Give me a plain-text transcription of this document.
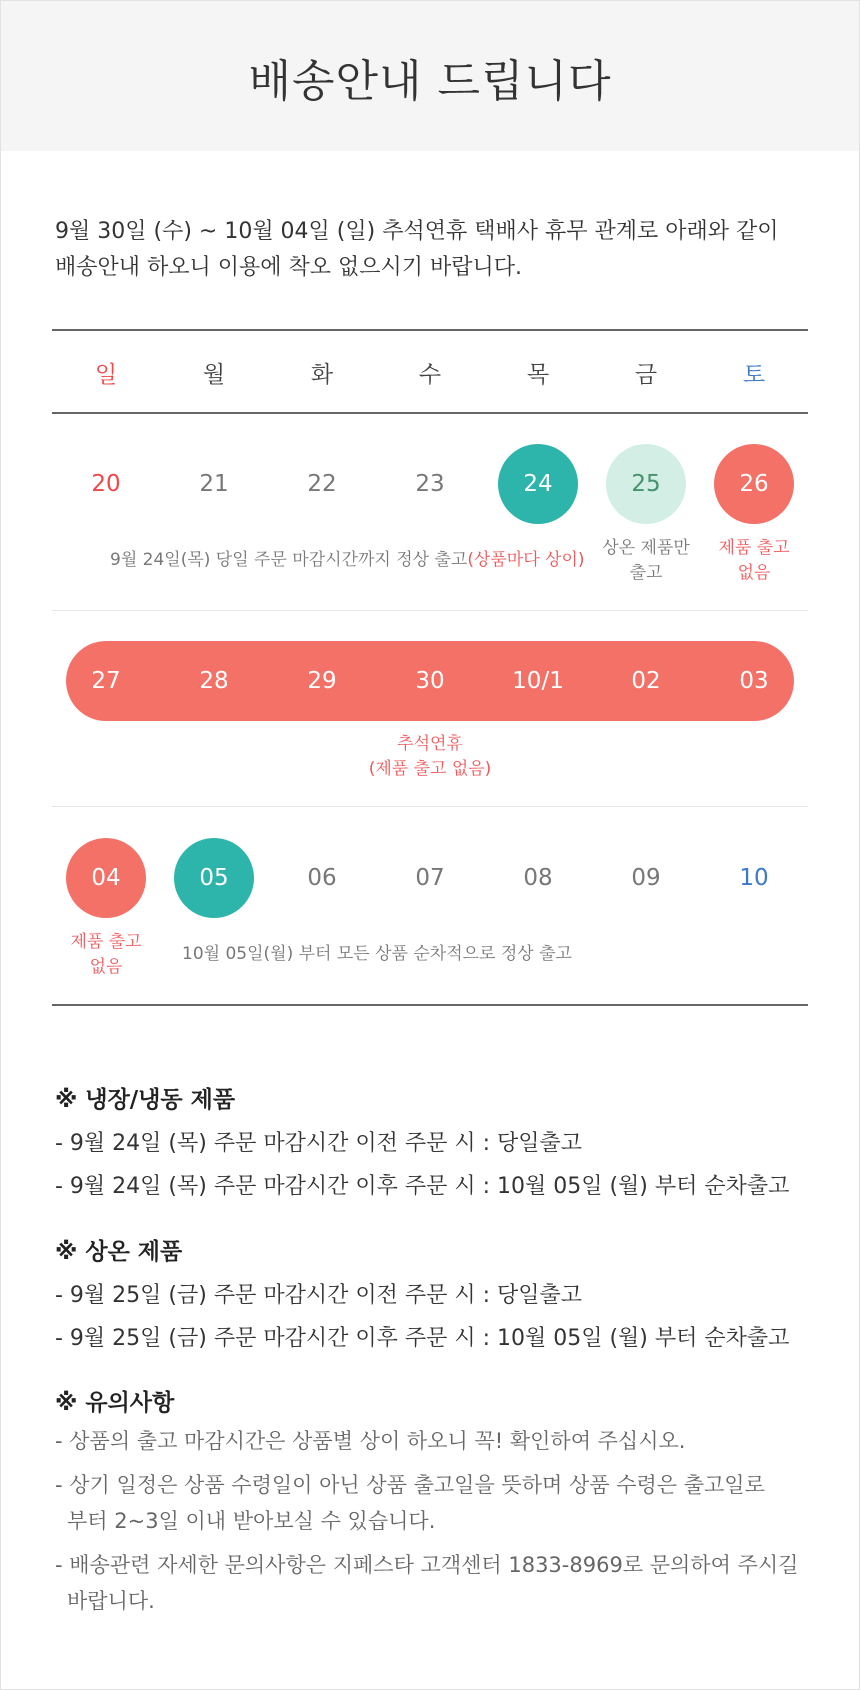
배송안내 드립니다
9월 30일 (수) ~ 10월 04일 (일) 추석연휴 택배사 휴무 관계로 아래와 같이
배송안내 하오니 이용에 착오 없으시기 바랍니다.
일	월	화	수	목	금	토
20	21	22	23	24	25	26
9월 24일(목) 당일 주문 마감시간까지 정상 출고(상품마다 상이)
상온 제품만
출고
제품 출고
없음
27	28	29	30	10/1	02	03
추석연휴
(제품 출고 없음)
04	05	06	07	08	09	10
제품 출고
없음
10월 05일(월) 부터 모든 상품 순차적으로 정상 출고
※ 냉장/냉동 제품
- 9월 24일 (목) 주문 마감시간 이전 주문 시 : 당일출고
- 9월 24일 (목) 주문 마감시간 이후 주문 시 : 10월 05일 (월) 부터 순차출고
※ 상온 제품
- 9월 25일 (금) 주문 마감시간 이전 주문 시 : 당일출고
- 9월 25일 (금) 주문 마감시간 이후 주문 시 : 10월 05일 (월) 부터 순차출고
※ 유의사항
- 상품의 출고 마감시간은 상품별 상이 하오니 꼭! 확인하여 주십시오.
- 상기 일정은 상품 수령일이 아닌 상품 출고일을 뜻하며 상품 수령은 출고일로
부터 2~3일 이내 받아보실 수 있습니다.
- 배송관련 자세한 문의사항은 지페스타 고객센터 1833-8969로 문의하여 주시길
바랍니다.
